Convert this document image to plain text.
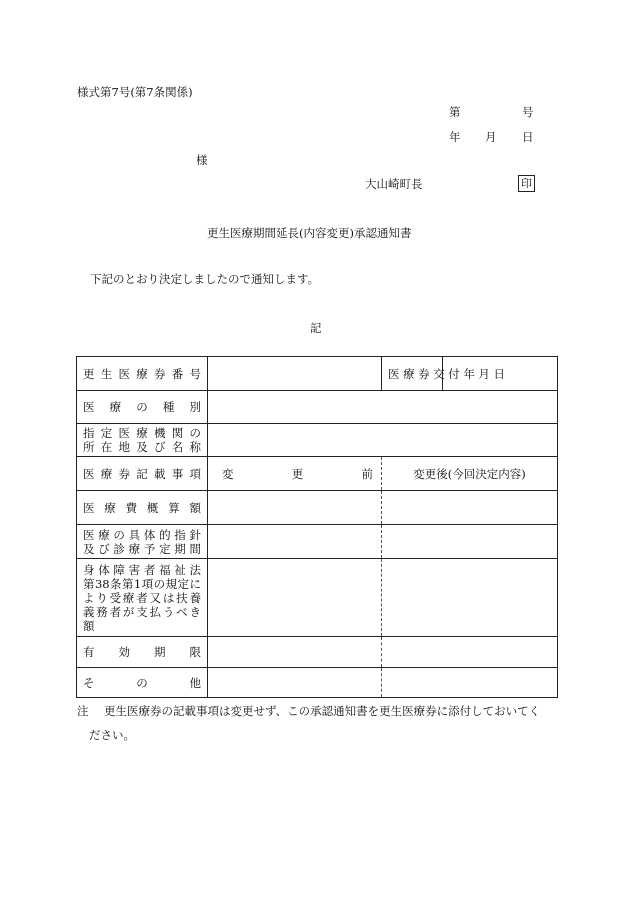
様式第7号(第7条関係)
第	号
年 月 日
様
大山崎町長	印
更生医療期間延長(内容変更)承認通知書
下記のとおり決定しましたので通知します。
記
更生医療券番号		医療券交付年月日	

医療の種別			

指定医療機関の
所在地及び名称			

医療券記載事項	変更前	変更後(今回決定内容)	

医療費概算額			

医療の具体的指針
及び診療予定期間			

身体障害者福祉法
第38条第1項の規定に
より受療者又は扶養
義務者が支払うべき
額			

有効期限			

その他			

注 更生医療券の記載事項は変更せず、この承認通知書を更生医療券に添付しておいてく
ださい。
